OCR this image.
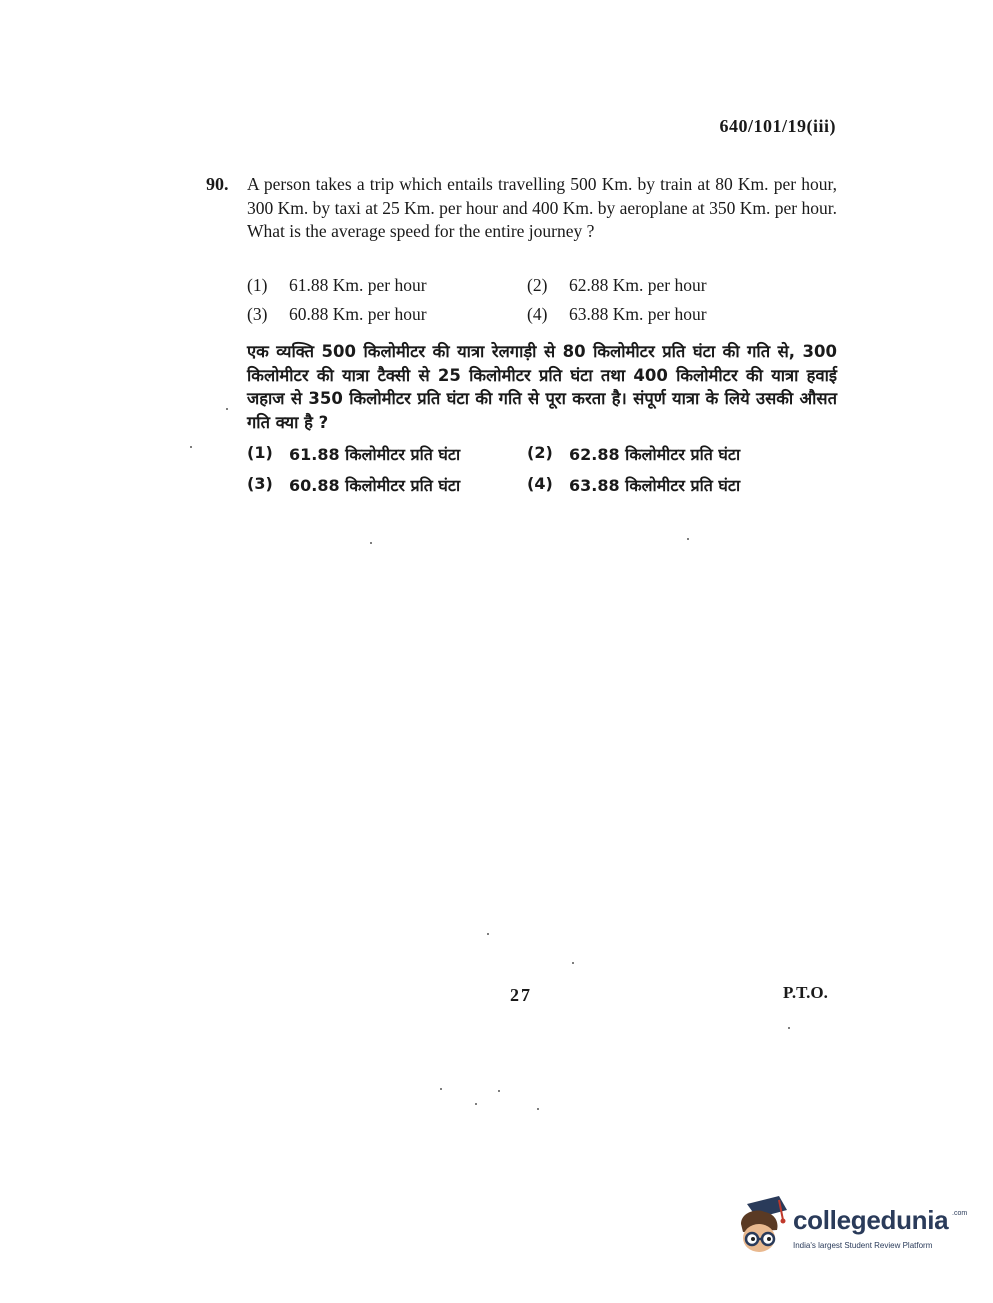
640/101/19(iii)
90. A person takes a trip which entails travelling 500 Km. by train at 80 Km. per hour, 300 Km. by taxi at 25 Km. per hour and 400 Km. by aeroplane at 350 Km. per hour. What is the average speed for the entire journey ?
(1)	61.88 Km. per hour	(2)	62.88 Km. per hour
(3)	60.88 Km. per hour	(4)	63.88 Km. per hour
एक व्यक्ति 500 किलोमीटर की यात्रा रेलगाड़ी से 80 किलोमीटर प्रति घंटा की गति से, 300 किलोमीटर की यात्रा टैक्सी से 25 किलोमीटर प्रति घंटा तथा 400 किलोमीटर की यात्रा हवाई जहाज से 350 किलोमीटर प्रति घंटा की गति से पूरा करता है। संपूर्ण यात्रा के लिये उसकी औसत गति क्या है ?
(1)	61.88 किलोमीटर प्रति घंटा	(2)	62.88 किलोमीटर प्रति घंटा
(3)	60.88 किलोमीटर प्रति घंटा	(4)	63.88 किलोमीटर प्रति घंटा
27	P.T.O.
collegedunia .com
India's largest Student Review Platform
